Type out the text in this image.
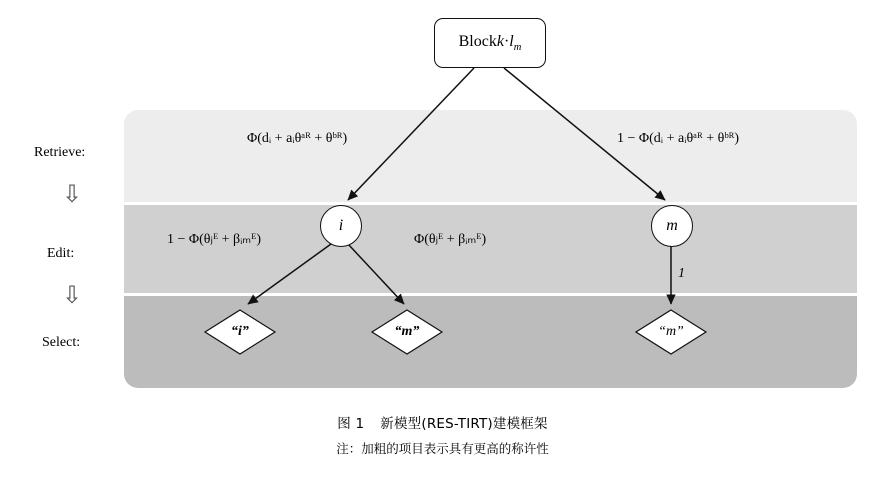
Retrieve:
⇩
Edit:
⇩
Select:
$Blockk\cdot l_m$
i	m
“i”	“m”	“m”
Φ(dᵢ + aᵢθᵃᴿ + θᵇᴿ)	1 − Φ(dᵢ + aᵢθᵃᴿ + θᵇᴿ)
1 − Φ(θⱼᴱ + βᵢₘᴱ)	Φ(θⱼᴱ + βᵢₘᴱ)
1
图 1 新模型(RES-TIRT)建模框架
注：加粗的项目表示具有更高的称许性
